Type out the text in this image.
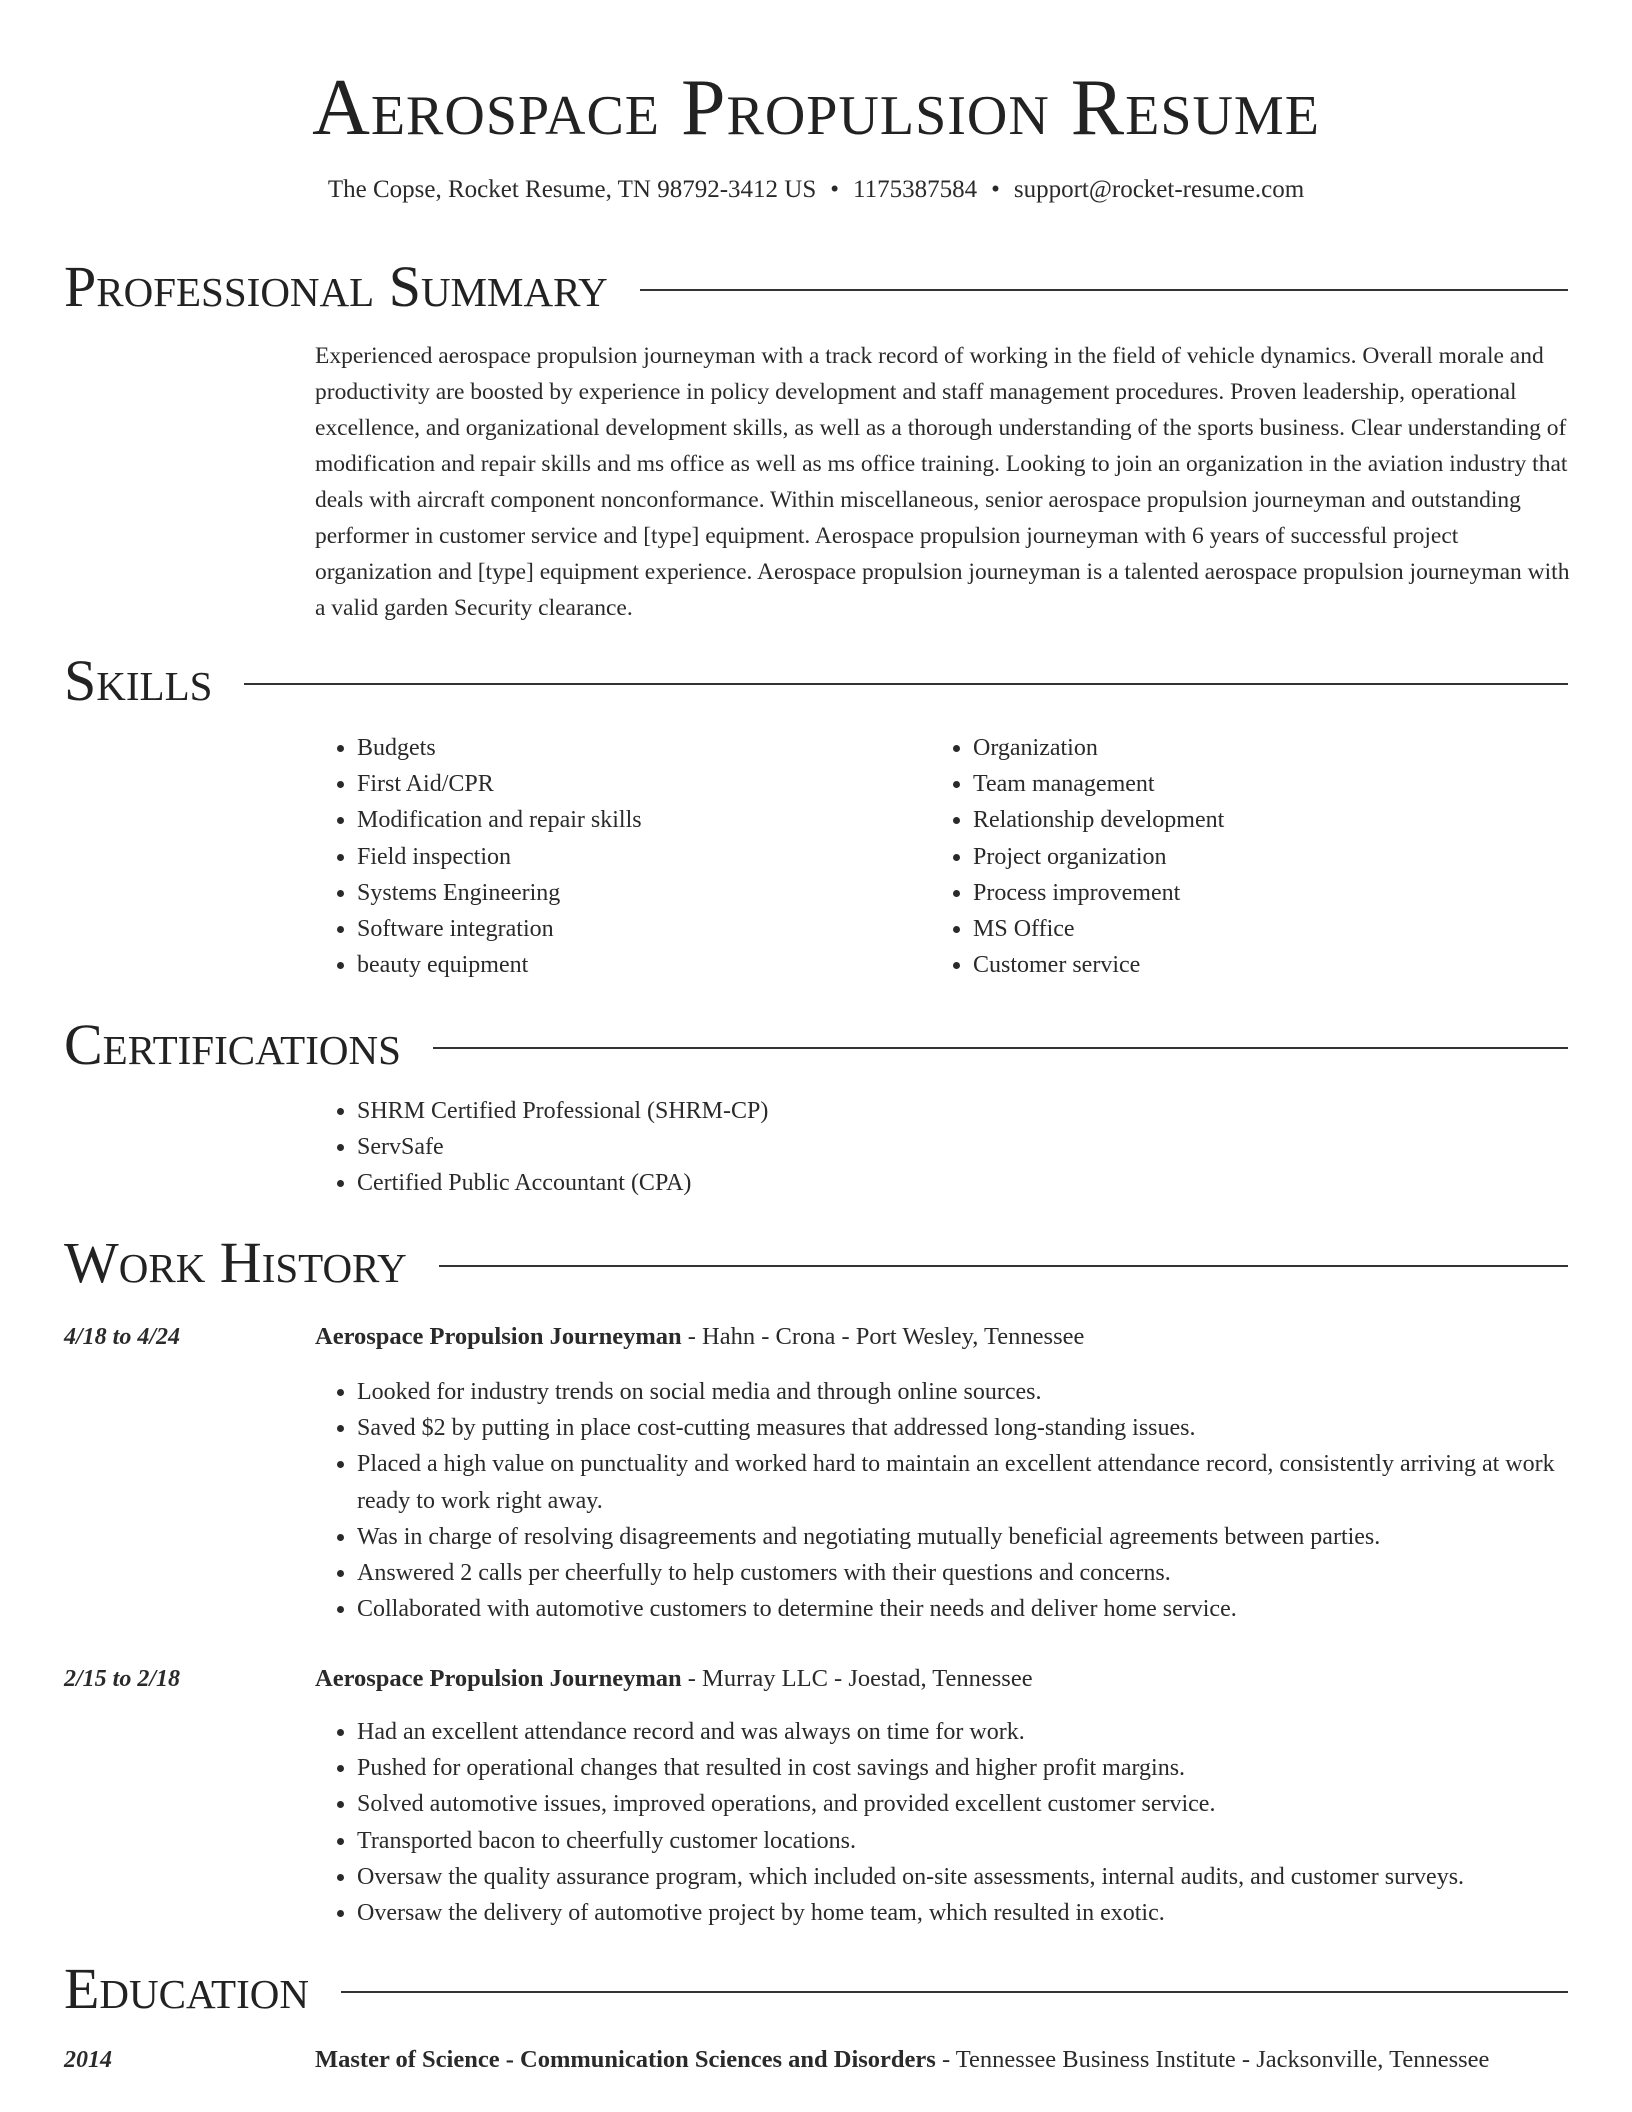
Aerospace Propulsion Resume
The Copse, Rocket Resume, TN 98792-3412 US • 1175387584 • support@rocket-resume.com
Professional Summary

Experienced aerospace propulsion journeyman with a track record of working in the field of vehicle dynamics. Overall morale and productivity are boosted by experience in policy development and staff management procedures. Proven leadership, operational excellence, and organizational development skills, as well as a thorough understanding of the sports business. Clear understanding of modification and repair skills and ms office as well as ms office training. Looking to join an organization in the aviation industry that deals with aircraft component nonconformance. Within miscellaneous, senior aerospace propulsion journeyman and outstanding performer in customer service and [type] equipment. Aerospace propulsion journeyman with 6 years of successful project organization and [type] equipment experience. Aerospace propulsion journeyman is a talented aerospace propulsion journeyman with a valid garden Security clearance.

Skills
• Budgets
• First Aid/CPR
• Modification and repair skills
• Field inspection
• Systems Engineering
• Software integration
• beauty equipment
• Organization
• Team management
• Relationship development
• Project organization
• Process improvement
• MS Office
• Customer service
Certifications
• SHRM Certified Professional (SHRM-CP)
• ServSafe
• Certified Public Accountant (CPA)
Work History
4/18 to 4/24	Aerospace Propulsion Journeyman - Hahn - Crona - Port Wesley, Tennessee
• Looked for industry trends on social media and through online sources.
• Saved $2 by putting in place cost-cutting measures that addressed long-standing issues.
• Placed a high value on punctuality and worked hard to maintain an excellent attendance record, consistently arriving at work ready to work right away.
• Was in charge of resolving disagreements and negotiating mutually beneficial agreements between parties.
• Answered 2 calls per cheerfully to help customers with their questions and concerns.
• Collaborated with automotive customers to determine their needs and deliver home service.
2/15 to 2/18	Aerospace Propulsion Journeyman - Murray LLC - Joestad, Tennessee
• Had an excellent attendance record and was always on time for work.
• Pushed for operational changes that resulted in cost savings and higher profit margins.
• Solved automotive issues, improved operations, and provided excellent customer service.
• Transported bacon to cheerfully customer locations.
• Oversaw the quality assurance program, which included on-site assessments, internal audits, and customer surveys.
• Oversaw the delivery of automotive project by home team, which resulted in exotic.
Education
2014	Master of Science - Communication Sciences and Disorders - Tennessee Business Institute - Jacksonville, Tennessee
